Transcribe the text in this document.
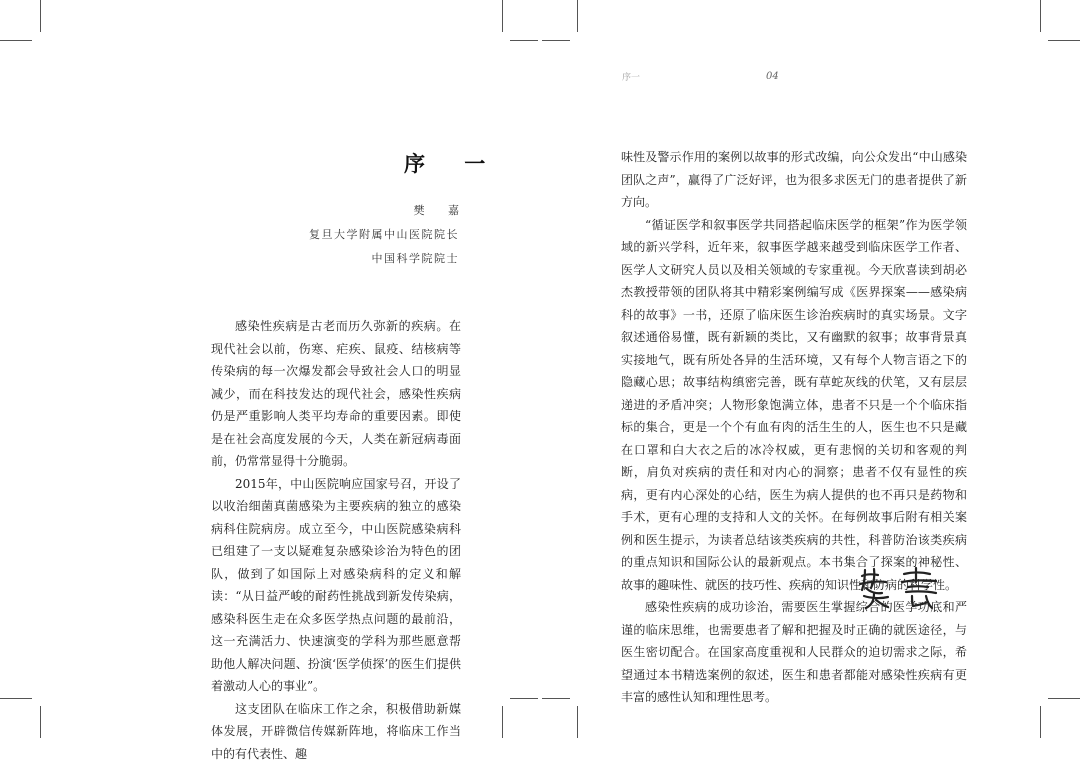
序 一
樊 嘉
复旦大学附属中山医院院长
中国科学院院士

感染性疾病是古老而历久弥新的疾病。在现代社会以前，伤寒、疟疾、鼠疫、结核病等传染病的每一次爆发都会导致社会人口的明显减少，而在科技发达的现代社会，感染性疾病仍是严重影响人类平均寿命的重要因素。即使是在社会高度发展的今天，人类在新冠病毒面前，仍常常显得十分脆弱。

2015年，中山医院响应国家号召，开设了以收治细菌真菌感染为主要疾病的独立的感染病科住院病房。成立至今，中山医院感染病科已组建了一支以疑难复杂感染诊治为特色的团队，做到了如国际上对感染病科的定义和解读：“从日益严峻的耐药性挑战到新发传染病，感染科医生走在众多医学热点问题的最前沿，这一充满活力、快速演变的学科为那些愿意帮助他人解决问题、扮演‘医学侦探’的医生们提供着激动人心的事业”。

这支团队在临床工作之余，积极借助新媒体发展，开辟微信传媒新阵地，将临床工作当中的有代表性、趣

序一	04

味性及警示作用的案例以故事的形式改编，向公众发出“中山感染团队之声”，赢得了广泛好评，也为很多求医无门的患者提供了新方向。

“循证医学和叙事医学共同搭起临床医学的框架”作为医学领域的新兴学科，近年来，叙事医学越来越受到临床医学工作者、医学人文研究人员以及相关领域的专家重视。今天欣喜读到胡必杰教授带领的团队将其中精彩案例编写成《医界探案——感染病科的故事》一书，还原了临床医生诊治疾病时的真实场景。文字叙述通俗易懂，既有新颖的类比，又有幽默的叙事；故事背景真实接地气，既有所处各异的生活环境，又有每个人物言语之下的隐藏心思；故事结构缜密完善，既有草蛇灰线的伏笔，又有层层递进的矛盾冲突；人物形象饱满立体，患者不只是一个个临床指标的集合，更是一个个有血有肉的活生生的人，医生也不只是藏在口罩和白大衣之后的冰冷权威，更有悲悯的关切和客观的判断，肩负对疾病的责任和对内心的洞察；患者不仅有显性的疾病，更有内心深处的心结，医生为病人提供的也不再只是药物和手术，更有心理的支持和人文的关怀。在每例故事后附有相关案例和医生提示，为读者总结该类疾病的共性，科普防治该类疾病的重点知识和国际公认的最新观点。本书集合了探案的神秘性、故事的趣味性、就医的技巧性、疾病的知识性和防病的科学性。

感染性疾病的成功诊治，需要医生掌握综合的医学功底和严谨的临床思维，也需要患者了解和把握及时正确的就医途径，与医生密切配合。在国家高度重视和人民群众的迫切需求之际，希望通过本书精选案例的叙述，医生和患者都能对感染性疾病有更丰富的感性认知和理性思考。
